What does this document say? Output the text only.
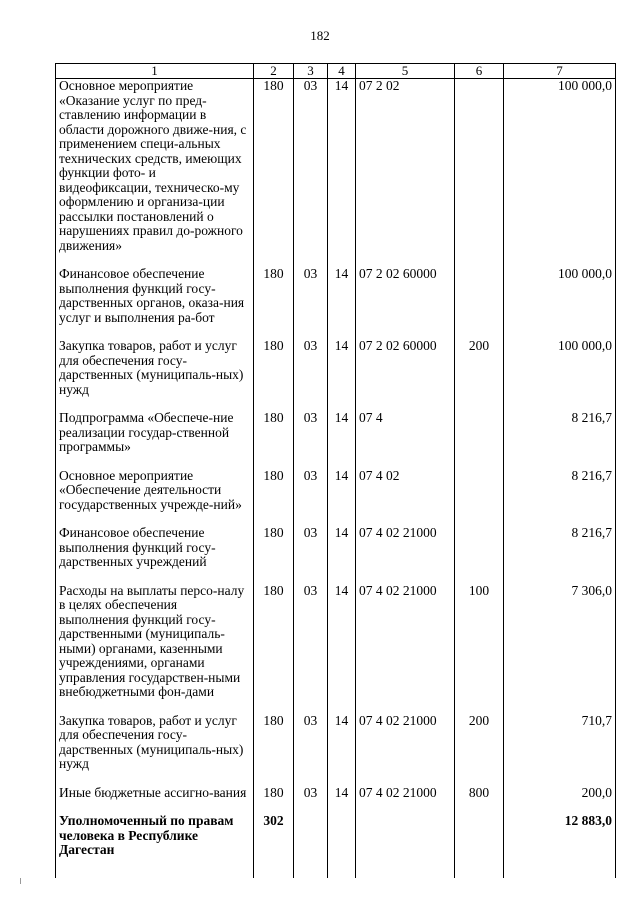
182
1	2	3	4	5	6	7
Основное мероприятие «Оказание услуг по пред-ставлению информации в области дорожного движе-ния, с применением специ-альных технических средств, имеющих функции фото- и видеофиксации, техническо-му оформлению и организа-ции рассылки постановлений о нарушениях правил до-рожного движения»	180	03	14	07 2 02		100 000,0
Финансовое обеспечение выполнения функций госу-дарственных органов, оказа-ния услуг и выполнения ра-бот	180	03	14	07 2 02 60000		100 000,0
Закупка товаров, работ и услуг для обеспечения госу-дарственных (муниципаль-ных) нужд	180	03	14	07 2 02 60000	200	100 000,0
Подпрограмма «Обеспече-ние реализации государ-ственной программы»	180	03	14	07 4		8 216,7
Основное мероприятие «Обеспечение деятельности государственных учрежде-ний»	180	03	14	07 4 02		8 216,7
Финансовое обеспечение выполнения функций госу-дарственных учреждений	180	03	14	07 4 02 21000		8 216,7
Расходы на выплаты персо-налу в целях обеспечения выполнения функций госу-дарственными (муниципаль-ными) органами, казенными учреждениями, органами управления государствен-ными внебюджетными фон-дами	180	03	14	07 4 02 21000	100	7 306,0
Закупка товаров, работ и услуг для обеспечения госу-дарственных (муниципаль-ных) нужд	180	03	14	07 4 02 21000	200	710,7
Иные бюджетные ассигно-вания	180	03	14	07 4 02 21000	800	200,0
Уполномоченный по правам человека в Республике Дагестан	302					12 883,0
